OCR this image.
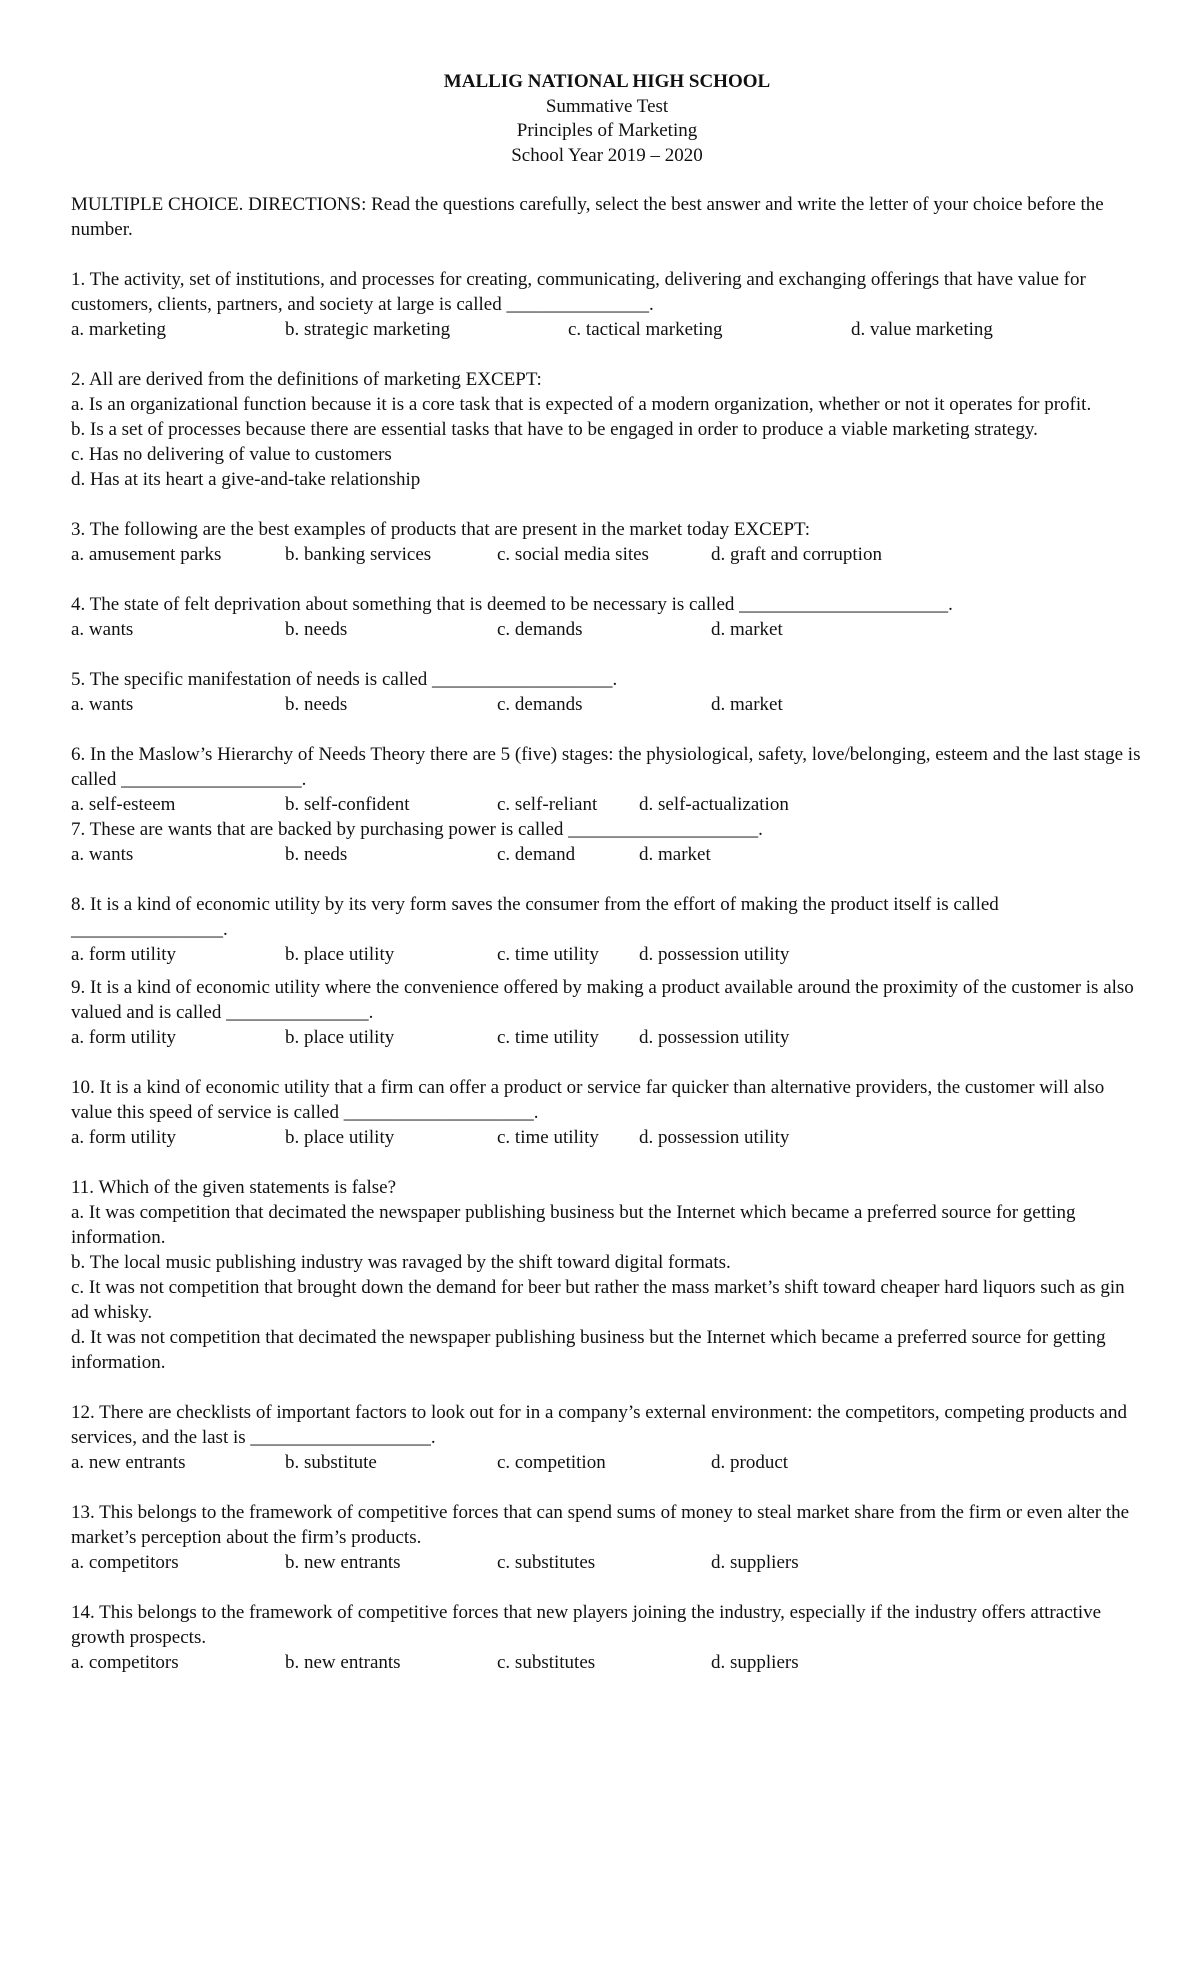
MALLIG NATIONAL HIGH SCHOOL
Summative Test
Principles of Marketing
School Year 2019 – 2020
MULTIPLE CHOICE. DIRECTIONS: Read the questions carefully, select the best answer and write the letter of your choice before the number.
1. The activity, set of institutions, and processes for creating, communicating, delivering and exchanging offerings that have value for customers, clients, partners, and society at large is called _______________.
a. marketing	b. strategic marketing	c. tactical marketing	d. value marketing
2. All are derived from the definitions of marketing EXCEPT:
a. Is an organizational function because it is a core task that is expected of a modern organization, whether or not it operates for profit.
b. Is a set of processes because there are essential tasks that have to be engaged in order to produce a viable marketing strategy.
c. Has no delivering of value to customers
d. Has at its heart a give-and-take relationship
3. The following are the best examples of products that are present in the market today EXCEPT:
a. amusement parks	b. banking services	c. social media sites	d. graft and corruption
4. The state of felt deprivation about something that is deemed to be necessary is called ______________________.
a. wants	b. needs	c. demands	d. market
5. The specific manifestation of needs is called ___________________.
a. wants	b. needs	c. demands	d. market
6. In the Maslow’s Hierarchy of Needs Theory there are 5 (five) stages: the physiological, safety, love/belonging, esteem and the last stage is called ___________________.
a. self-esteem	b. self-confident	c. self-reliant d. self-actualization
7. These are wants that are backed by purchasing power is called ____________________.
a. wants	b. needs	c. demand	d. market
8. It is a kind of economic utility by its very form saves the consumer from the effort of making the product itself is called ________________.
a. form utility	b. place utility	c. time utility d. possession utility
9. It is a kind of economic utility where the convenience offered by making a product available around the proximity of the customer is also valued and is called _______________.
a. form utility	b. place utility	c. time utility d. possession utility
10. It is a kind of economic utility that a firm can offer a product or service far quicker than alternative providers, the customer will also value this speed of service is called ____________________.
a. form utility	b. place utility	c. time utility d. possession utility
11. Which of the given statements is false?
a. It was competition that decimated the newspaper publishing business but the Internet which became a preferred source for getting information.
b. The local music publishing industry was ravaged by the shift toward digital formats.
c. It was not competition that brought down the demand for beer but rather the mass market’s shift toward cheaper hard liquors such as gin ad whisky.
d. It was not competition that decimated the newspaper publishing business but the Internet which became a preferred source for getting information.
12. There are checklists of important factors to look out for in a company’s external environment: the competitors, competing products and services, and the last is ___________________.
a. new entrants	b. substitute	c. competition	d. product
13. This belongs to the framework of competitive forces that can spend sums of money to steal market share from the firm or even alter the market’s perception about the firm’s products.
a. competitors	b. new entrants	c. substitutes	d. suppliers
14. This belongs to the framework of competitive forces that new players joining the industry, especially if the industry offers attractive growth prospects.
a. competitors	b. new entrants	c. substitutes	d. suppliers
